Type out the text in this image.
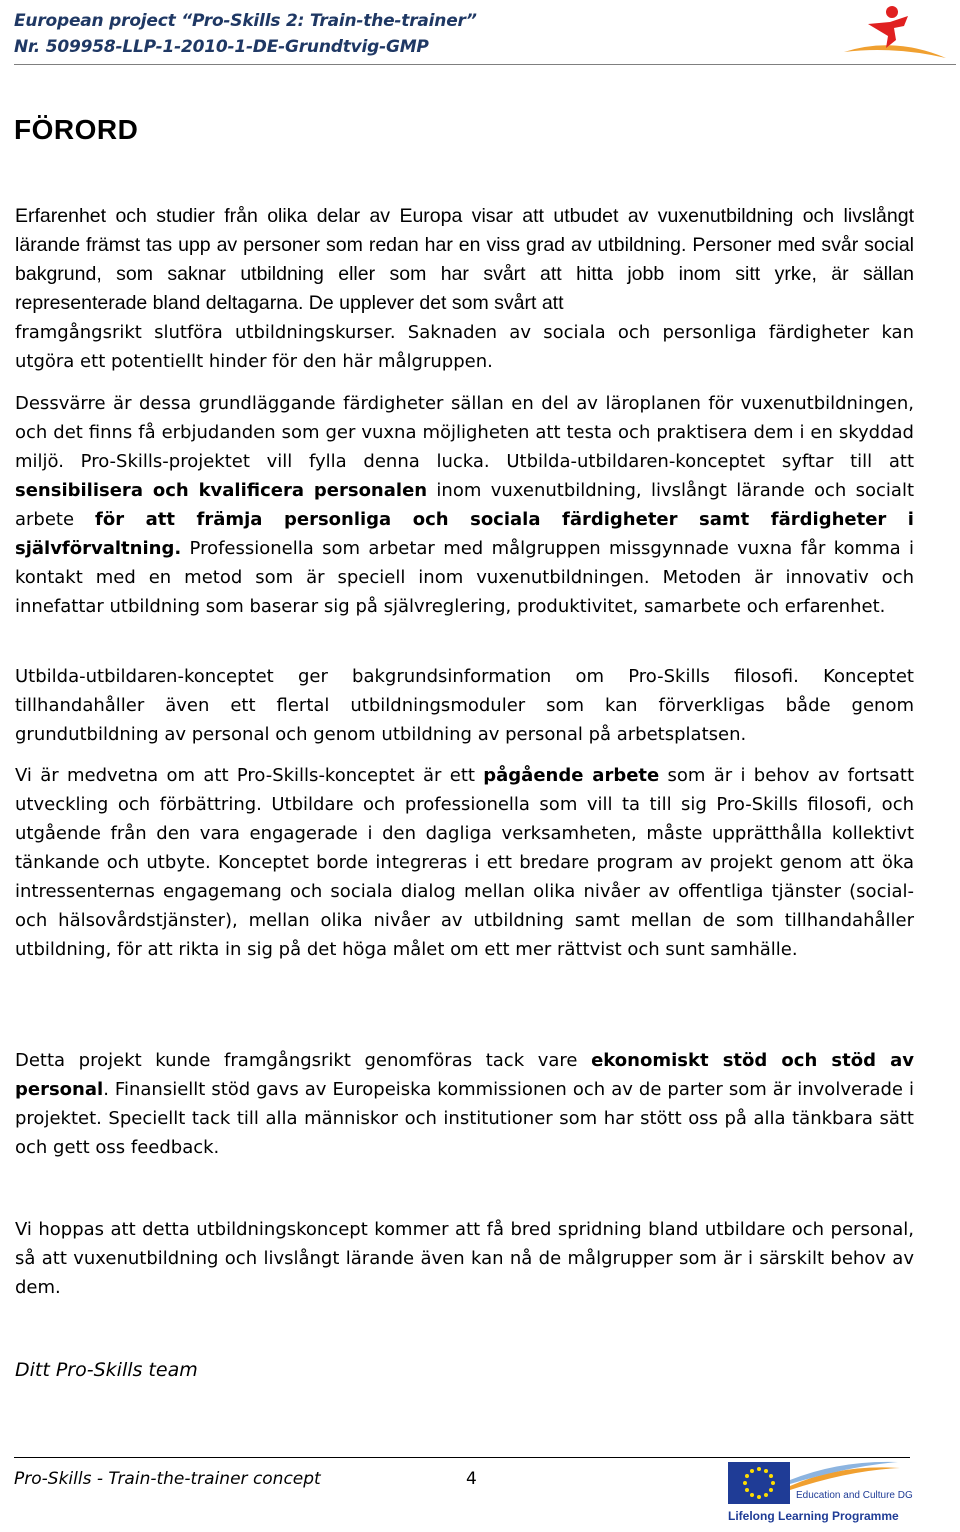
European project “Pro-Skills 2: Train-the-trainer”
Nr. 509958-LLP-1-2010-1-DE-Grundtvig-GMP
FÖRORD

Erfarenhet och studier från olika delar av Europa visar att utbudet av vuxenutbildning och livslångt lärande främst tas upp av personer som redan har en viss grad av utbildning. Personer med svår social bakgrund, som saknar utbildning eller som har svårt att hitta jobb inom sitt yrke, är sällan representerade bland deltagarna. De upplever det som svårt att

framgångsrikt slutföra utbildningskurser. Saknaden av sociala och personliga färdigheter kan utgöra ett potentiellt hinder för den här målgruppen.

Dessvärre är dessa grundläggande färdigheter sällan en del av läroplanen för vuxenutbildningen, och det finns få erbjudanden som ger vuxna möjligheten att testa och praktisera dem i en skyddad miljö. Pro-Skills-projektet vill fylla denna lucka. Utbilda-utbildaren-konceptet syftar till att sensibilisera och kvalificera personalen inom vuxenutbildning, livslångt lärande och socialt arbete för att främja personliga och sociala färdigheter samt färdigheter i självförvaltning. Professionella som arbetar med målgruppen missgynnade vuxna får komma i kontakt med en metod som är speciell inom vuxenutbildningen. Metoden är innovativ och innefattar utbildning som baserar sig på självreglering, produktivitet, samarbete och erfarenhet.

Utbilda-utbildaren-konceptet ger bakgrundsinformation om Pro-Skills filosofi. Konceptet tillhandahåller även ett flertal utbildningsmoduler som kan förverkligas både genom grundutbildning av personal och genom utbildning av personal på arbetsplatsen.

Vi är medvetna om att Pro-Skills-konceptet är ett pågående arbete som är i behov av fortsatt utveckling och förbättring. Utbildare och professionella som vill ta till sig Pro-Skills filosofi, och utgående från den vara engagerade i den dagliga verksamheten, måste upprätthålla kollektivt tänkande och utbyte. Konceptet borde integreras i ett bredare program av projekt genom att öka intressenternas engagemang och sociala dialog mellan olika nivåer av offentliga tjänster (social- och hälsovårdstjänster), mellan olika nivåer av utbildning samt mellan de som tillhandahåller utbildning, för att rikta in sig på det höga målet om ett mer rättvist och sunt samhälle.

Detta projekt kunde framgångsrikt genomföras tack vare ekonomiskt stöd och stöd av personal. Finansiellt stöd gavs av Europeiska kommissionen och av de parter som är involverade i projektet. Speciellt tack till alla människor och institutioner som har stött oss på alla tänkbara sätt och gett oss feedback.

Vi hoppas att detta utbildningskoncept kommer att få bred spridning bland utbildare och personal, så att vuxenutbildning och livslångt lärande även kan nå de målgrupper som är i särskilt behov av dem.

Ditt Pro-Skills team
Pro-Skills - Train-the-trainer concept	4
Education and Culture DG
Lifelong Learning Programme
